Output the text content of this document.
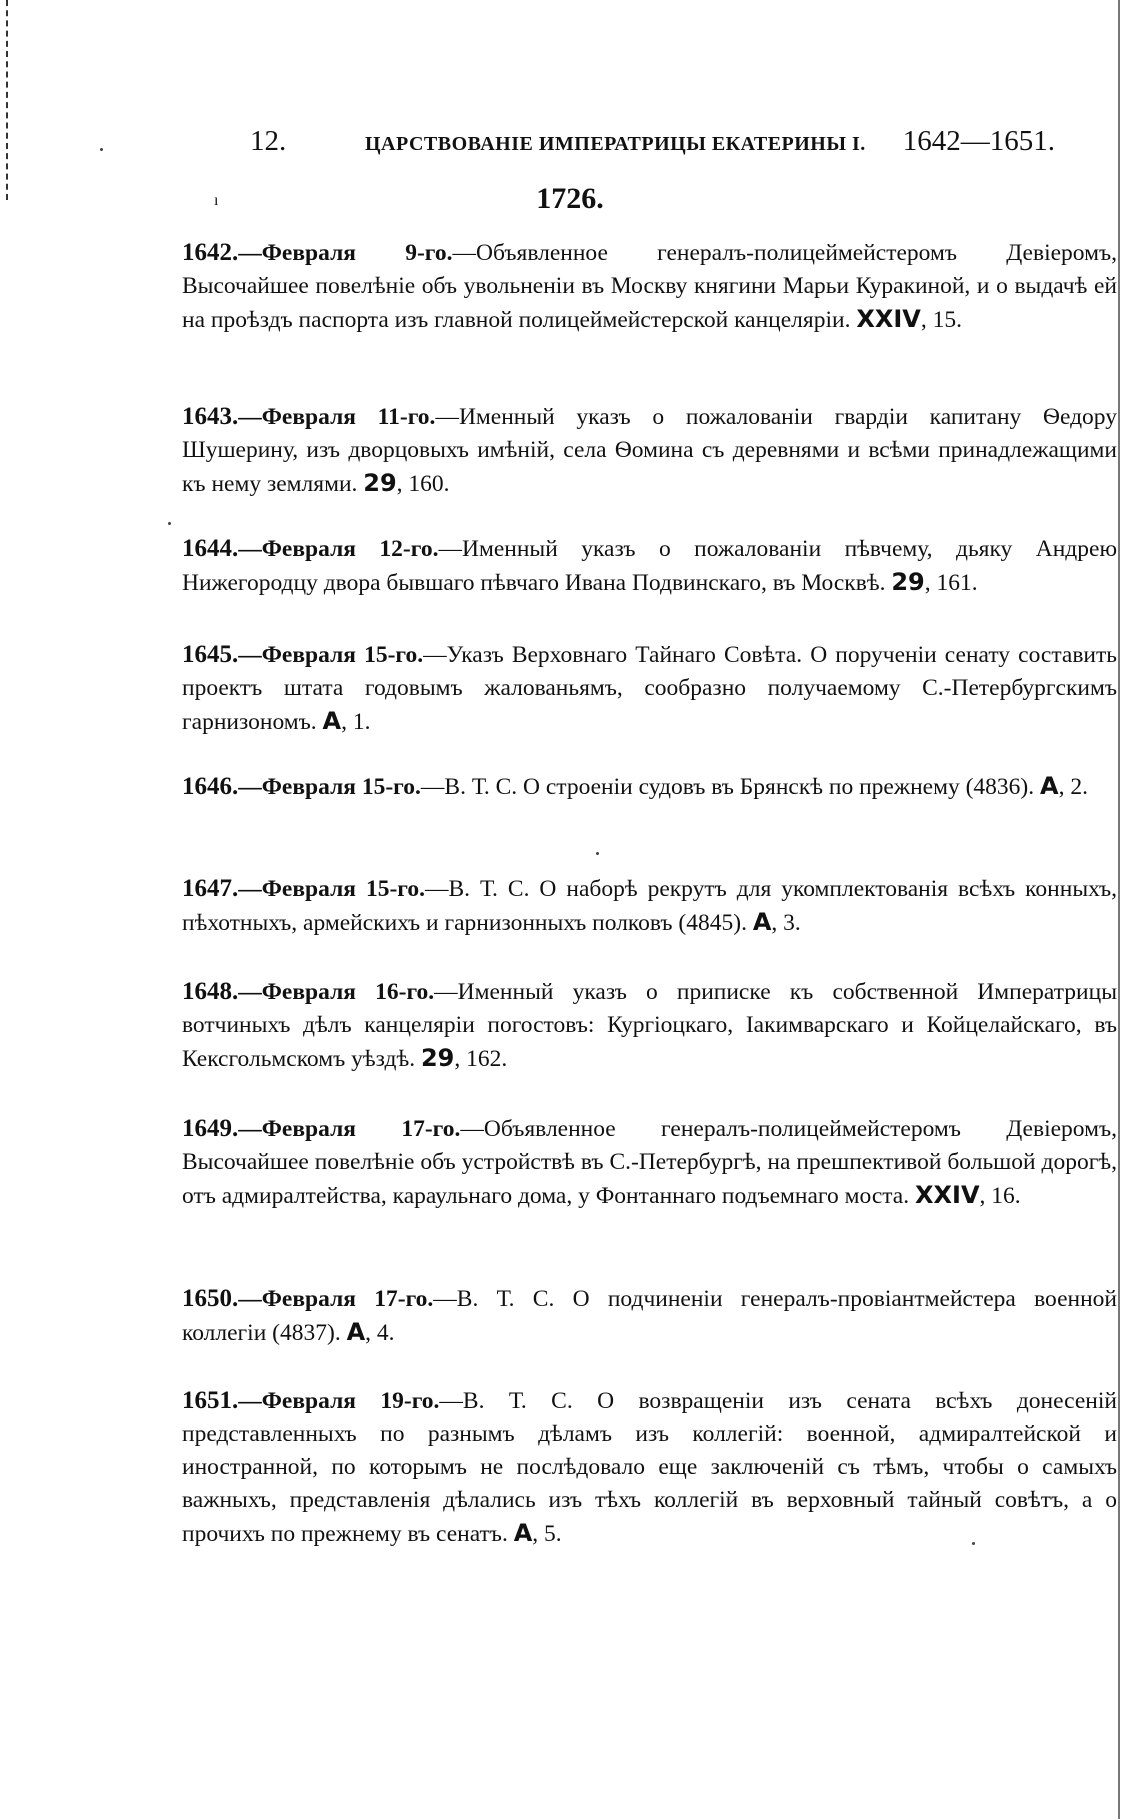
12.	ЦАРСТВОВАНІЕ ИМПЕРАТРИЦЫ ЕКАТЕРИНЫ I. 1642—1651.
ı	1726.
1642.—Февраля 9-го.—Объявленное генералъ-полицеймейстеромъ Девіеромъ, Высочайшее повелѣніе объ увольненіи въ Москву княгини Марьи Куракиной, и о выдачѣ ей на проѣздъ паспорта изъ главной полицеймейстерской канцеляріи. XXIV, 15.
1643.—Февраля 11-го.—Именный указъ о пожалованіи гвардіи капитану Ѳедору Шушерину, изъ дворцовыхъ имѣній, села Ѳомина съ деревнями и всѣми принадлежащими къ нему землями. 29, 160.
1644.—Февраля 12-го.—Именный указъ о пожалованіи пѣвчему, дьяку Андрею Нижегородцу двора бывшаго пѣвчаго Ивана Подвинскаго, въ Москвѣ. 29, 161.
1645.—Февраля 15-го.—Указъ Верховнаго Тайнаго Совѣта. О порученіи сенату составить проектъ штата годовымъ жалованьямъ, сообразно получаемому С.-Петербургскимъ гарнизономъ. А, 1.
1646.—Февраля 15-го.—В. Т. С. О строеніи судовъ въ Брянскѣ по прежнему (4836). А, 2.
1647.—Февраля 15-го.—В. Т. С. О наборѣ рекрутъ для укомплектованія всѣхъ конныхъ, пѣхотныхъ, армейскихъ и гарнизонныхъ полковъ (4845). А, 3.
1648.—Февраля 16-го.—Именный указъ о приписке къ собственной Императрицы вотчиныхъ дѣлъ канцеляріи погостовъ: Кургіоцкаго, Іакимварскаго и Койцелайскаго, въ Кексгольмскомъ уѣздѣ. 29, 162.
1649.—Февраля 17-го.—Объявленное генералъ-полицеймейстеромъ Девіеромъ, Высочайшее повелѣніе объ устройствѣ въ С.-Петербургѣ, на прешпективой большой дорогѣ, отъ адмиралтейства, караульнаго дома, у Фонтаннаго подъемнаго моста. XXIV, 16.
1650.—Февраля 17-го.—В. Т. С. О подчиненіи генералъ-провіантмейстера военной коллегіи (4837). А, 4.
1651.—Февраля 19-го.—В. Т. С. О возвращеніи изъ сената всѣхъ донесеній представленныхъ по разнымъ дѣламъ изъ коллегій: военной, адмиралтейской и иностранной, по которымъ не послѣдовало еще заключеній съ тѣмъ, чтобы о самыхъ важныхъ, представленія дѣлались изъ тѣхъ коллегій въ верховный тайный совѣтъ, а о прочихъ по прежнему въ сенатъ. А, 5.
